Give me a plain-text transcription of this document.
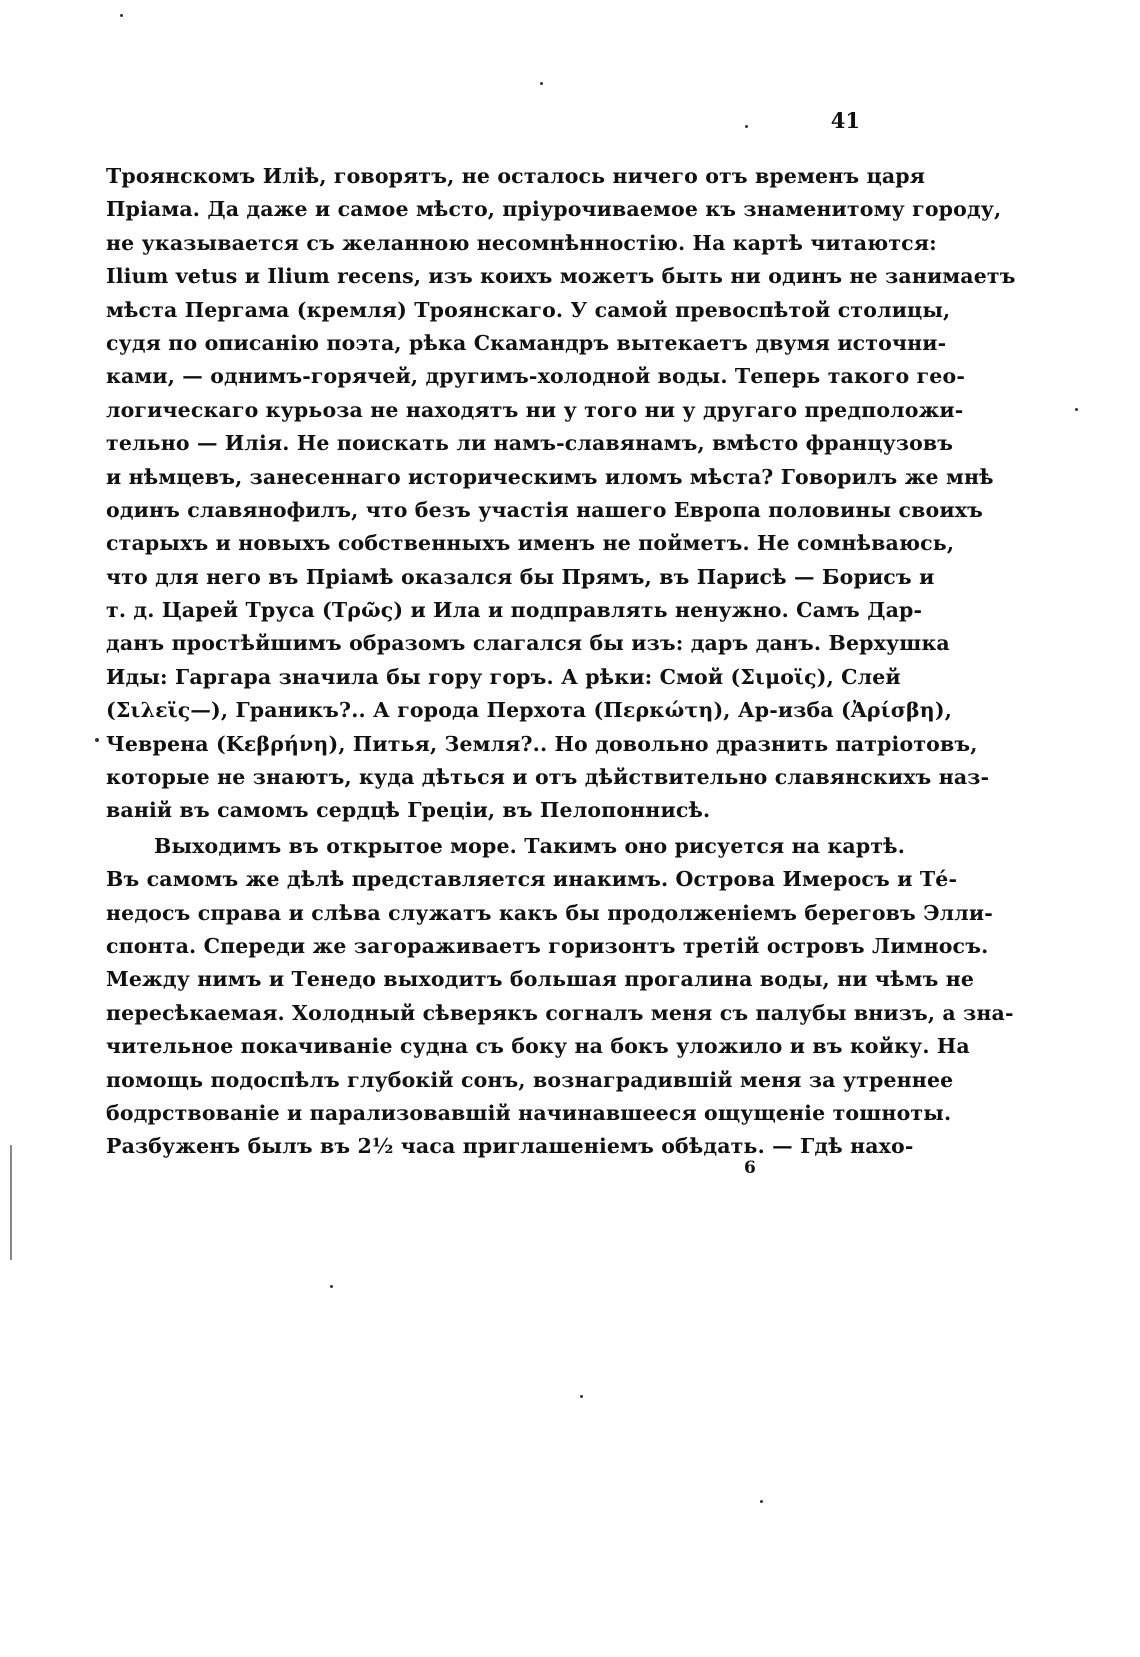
41
Троянскомъ Иліѣ, говорятъ, не осталось ничего отъ временъ царя
Пріама. Да даже и самое мѣсто, пріурочиваемое къ знаменитому городу,
не указывается съ желанною несомнѣнностію. На картѣ читаются:
Ilium vetus и Ilium recens, изъ коихъ можетъ быть ни одинъ не занимаетъ
мѣста Пергама (кремля) Троянскаго. У самой превоспѣтой столицы,
судя по описанію поэта, рѣка Скамандръ вытекаетъ двумя источни-
ками, — однимъ-горячей, другимъ-холодной воды. Теперь такого гео-
логическаго курьоза не находятъ ни у того ни у другаго предположи-
тельно — Илія. Не поискать ли намъ-славянамъ, вмѣсто французовъ
и нѣмцевъ, занесеннаго историческимъ иломъ мѣста? Говорилъ же мнѣ
одинъ славянофилъ, что безъ участія нашего Европа половины своихъ
старыхъ и новыхъ собственныхъ именъ не пойметъ. Не сомнѣваюсь,
что для него въ Пріамѣ оказался бы Прямъ, въ Парисѣ — Борисъ и
т. д. Царей Труса (Τρῶς) и Ила и подправлять ненужно. Самъ Дар-
данъ простѣйшимъ образомъ слагался бы изъ: даръ данъ. Верхушка
Иды: Гаргара значила бы гору горъ. А рѣки: Смой (Σιμοϊς), Слей
(Σιλεϊς—), Граникъ?.. А города Перхота (Περκώτη), Ар-изба (Ἀρίσβη),
Чеврена (Κεβρήνη), Питья, Земля?.. Но довольно дразнить патріотовъ,
которые не знаютъ, куда дѣться и отъ дѣйствительно славянскихъ наз-
ваній въ самомъ сердцѣ Греціи, въ Пелопоннисѣ.
Выходимъ въ открытое море. Такимъ оно рисуется на картѣ.
Въ самомъ же дѣлѣ представляется инакимъ. Острова Имеросъ и Тé-
недосъ справа и слѣва служатъ какъ бы продолженіемъ береговъ Элли-
спонта. Спереди же загораживаетъ горизонтъ третій островъ Лимносъ.
Между нимъ и Тенедо выходитъ большая прогалина воды, ни чѣмъ не
пересѣкаемая. Холодный сѣверякъ согналъ меня съ палубы внизъ, а зна-
чительное покачиваніе судна съ боку на бокъ уложило и въ койку. На
помощь подоспѣлъ глубокій сонъ, вознаградившій меня за утреннее
бодрствованіе и парализовавшій начинавшееся ощущеніе тошноты.
Разбуженъ былъ въ 2½ часа приглашеніемъ обѣдать. — Гдѣ нахо-
6
